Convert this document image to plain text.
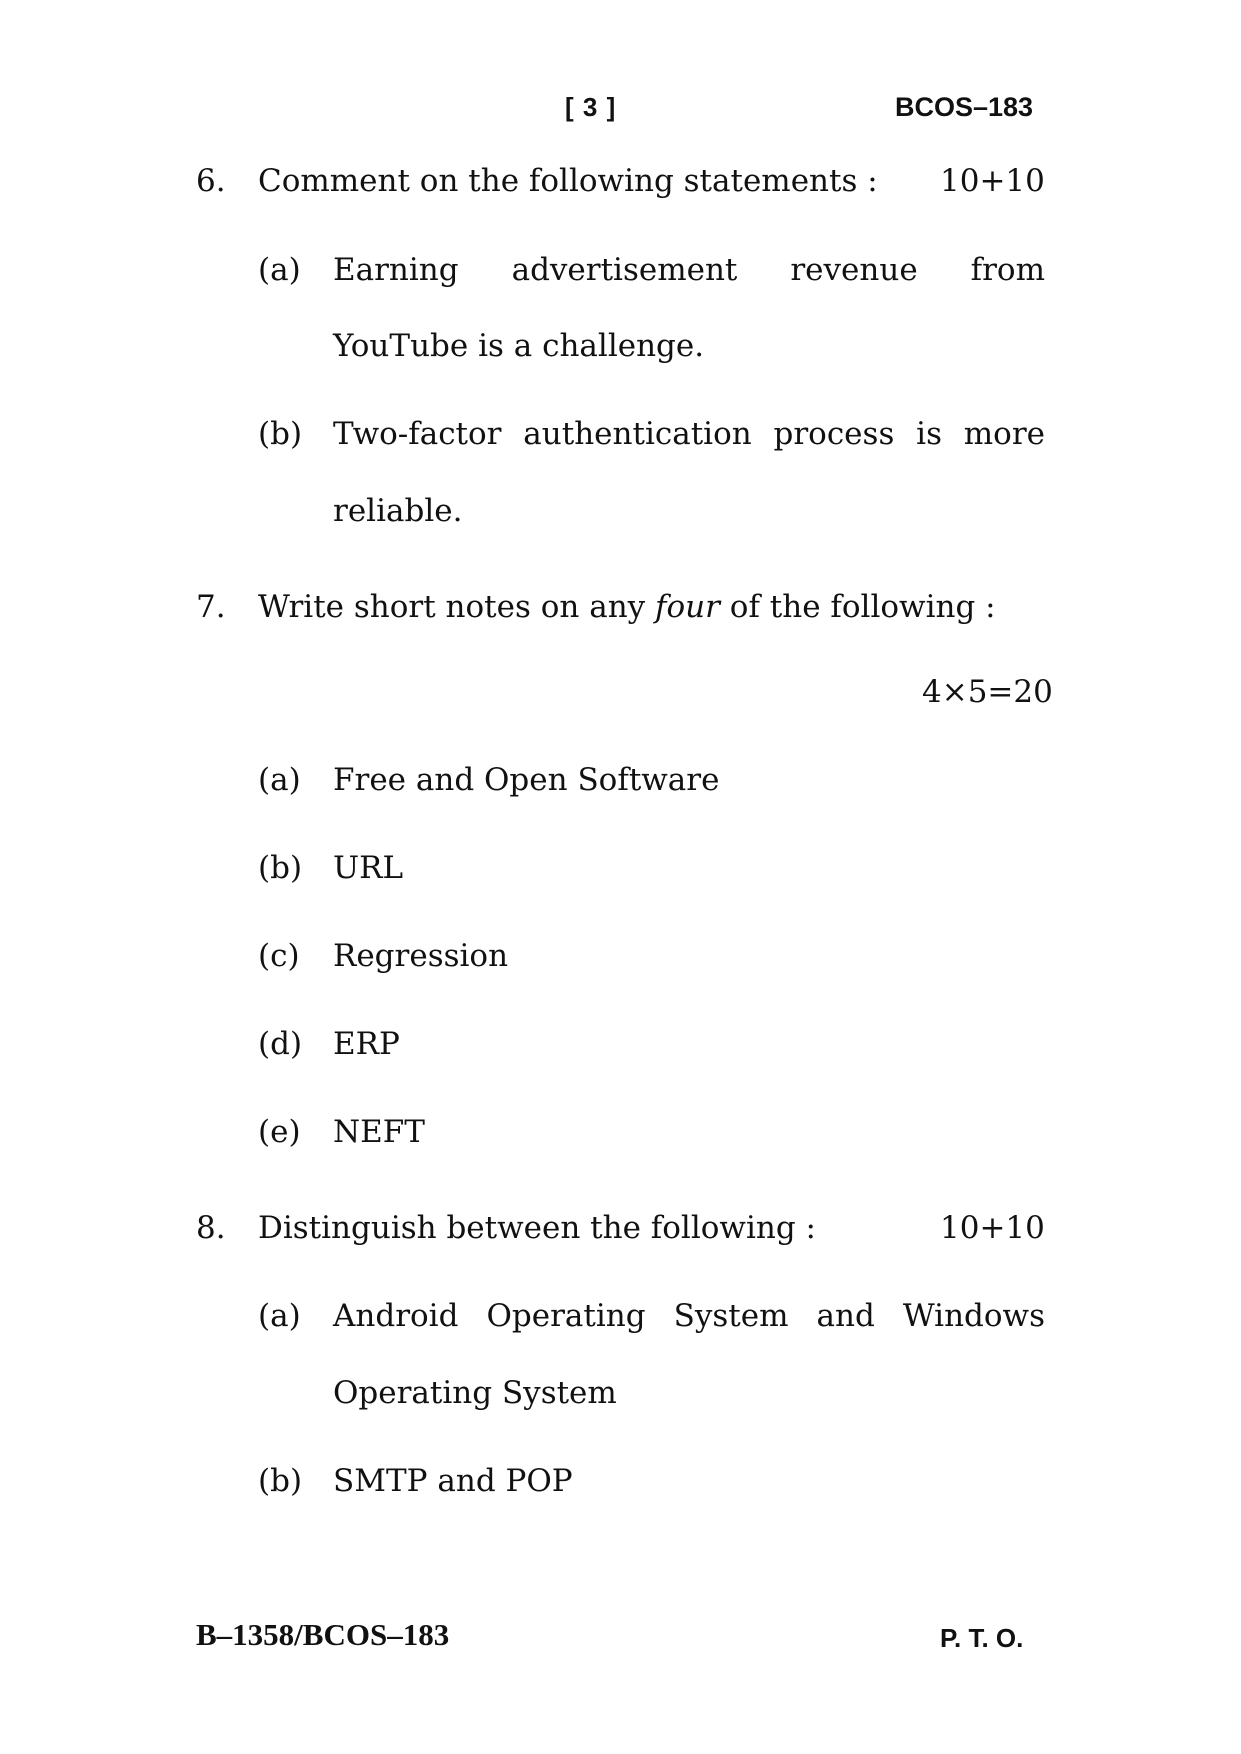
[ 3 ]	BCOS–183
6. Comment on the following statements : 10+10
(a) Earning advertisement revenue from
YouTube is a challenge.
(b) Two-factor authentication process is more
reliable.
7. Write short notes on any four of the following :
4×5=20
(a) Free and Open Software
(b) URL
(c) Regression
(d) ERP
(e) NEFT
8. Distinguish between the following :	10+10
(a) Android Operating System and Windows
Operating System
(b) SMTP and POP
B–1358/BCOS–183	P. T. O.
